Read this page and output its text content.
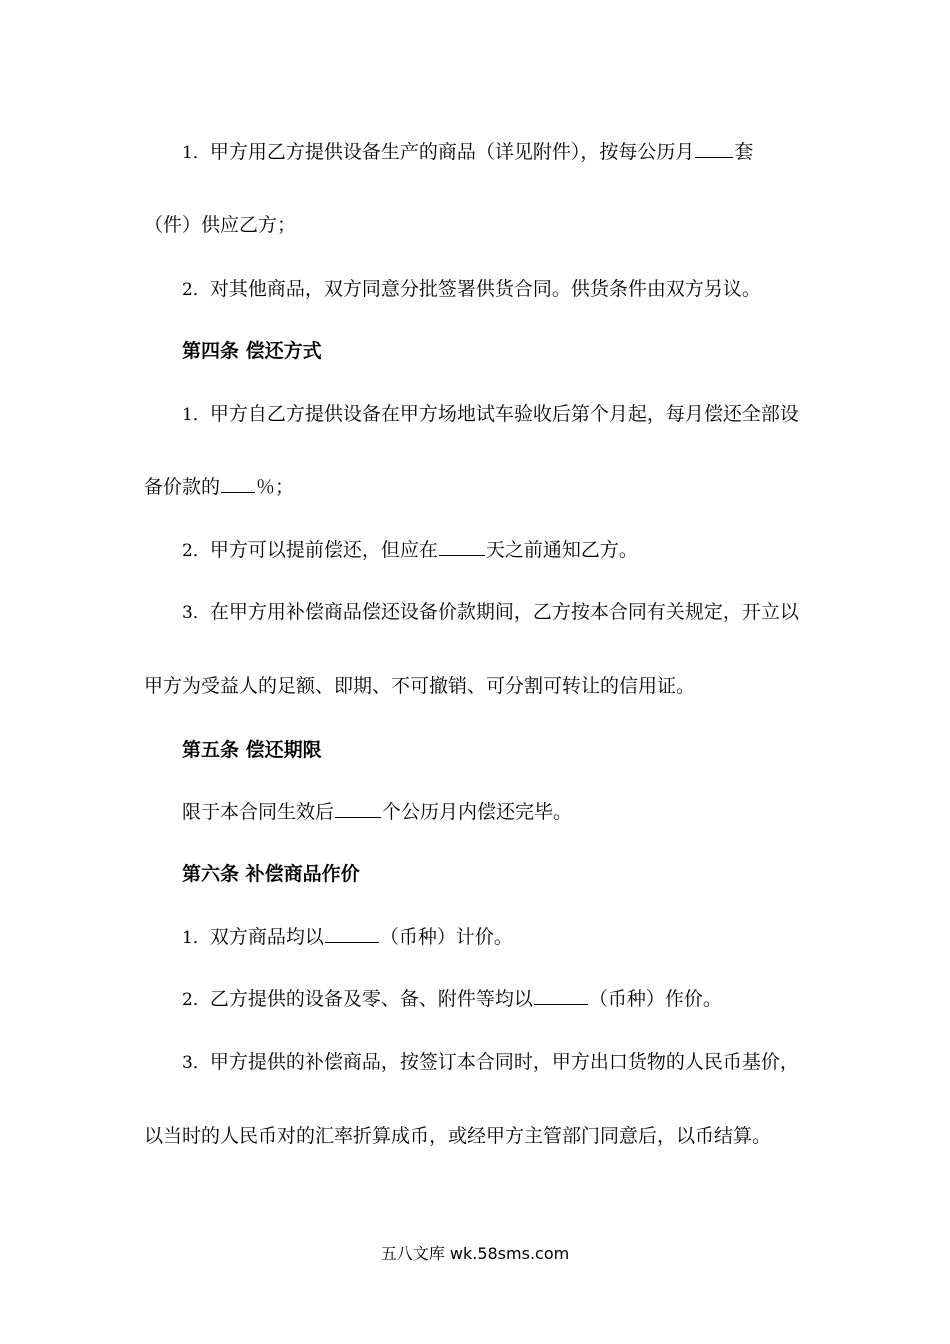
1．甲方用乙方提供设备生产的商品（详见附件），按每公历月 套
（件）供应乙方；
2．对其他商品，双方同意分批签署供货合同。供货条件由双方另议。
第四条 偿还方式
1．甲方自乙方提供设备在甲方场地试车验收后第个月起，每月偿还全部设
备价款的 ％；
2．甲方可以提前偿还，但应在	天之前通知乙方。
3．在甲方用补偿商品偿还设备价款期间，乙方按本合同有关规定，开立以
甲方为受益人的足额、即期、不可撤销、可分割可转让的信用证。
第五条 偿还期限
限于本合同生效后	个公历月内偿还完毕。
第六条 补偿商品作价
1．双方商品均以	（币种）计价。
2．乙方提供的设备及零、备、附件等均以	（币种）作价。
3．甲方提供的补偿商品，按签订本合同时，甲方出口货物的人民币基价，
以当时的人民币对的汇率折算成币，或经甲方主管部门同意后，以币结算。
五八文库 wk.58sms.com
